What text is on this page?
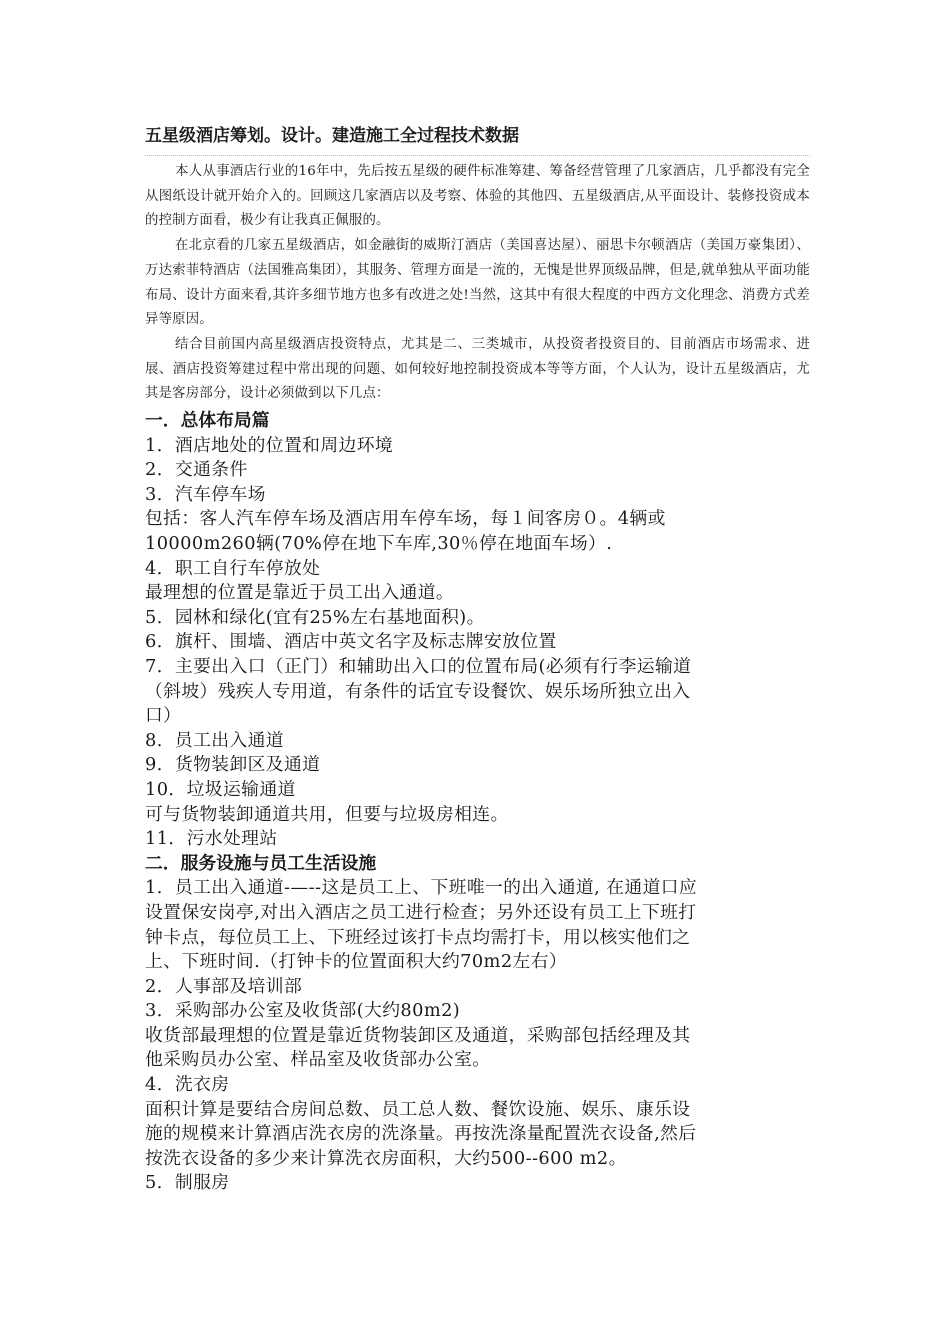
五星级酒店筹划。设计。建造施工全过程技术数据

本人从事酒店行业的16年中，先后按五星级的硬件标准筹建、筹备经营管理了几家酒店，几乎都没有完全从图纸设计就开始介入的。回顾这几家酒店以及考察、体验的其他四、五星级酒店,从平面设计、装修投资成本的控制方面看，极少有让我真正佩服的。

在北京看的几家五星级酒店，如金融街的威斯汀酒店（美国喜达屋）、丽思卡尔顿酒店（美国万豪集团）、万达索菲特酒店（法国雅高集团），其服务、管理方面是一流的，无愧是世界顶级品牌，但是,就单独从平面功能布局、设计方面来看,其许多细节地方也多有改进之处!当然，这其中有很大程度的中西方文化理念、消费方式差异等原因。

结合目前国内高星级酒店投资特点，尤其是二、三类城市，从投资者投资目的、目前酒店市场需求、进展、酒店投资筹建过程中常出现的问题、如何较好地控制投资成本等等方面，个人认为，设计五星级酒店，尤其是客房部分，设计必须做到以下几点：

一．总体布局篇
1．酒店地处的位置和周边环境
2．交通条件
3．汽车停车场
包括：客人汽车停车场及酒店用车停车场，每１间客房０。4辆或
10000m260辆(70%停在地下车库,30％停在地面车场）.
4．职工自行车停放处
最理想的位置是靠近于员工出入通道。
5．园林和绿化(宜有25%左右基地面积)。
6．旗杆、围墙、酒店中英文名字及标志牌安放位置
7．主要出入口（正门）和辅助出入口的位置布局(必须有行李运输道
（斜坡）残疾人专用道，有条件的话宜专设餐饮、娱乐场所独立出入
口）
8．员工出入通道
9．货物装卸区及通道
10．垃圾运输通道
可与货物装卸通道共用，但要与垃圾房相连。
11．污水处理站
二．服务设施与员工生活设施
1．员工出入通道-—--这是员工上、下班唯一的出入通道, 在通道口应
设置保安岗亭,对出入酒店之员工进行检查；另外还设有员工上下班打
钟卡点，每位员工上、下班经过该打卡点均需打卡，用以核实他们之
上、下班时间.（打钟卡的位置面积大约70m2左右）
2．人事部及培训部
3．采购部办公室及收货部(大约80m2)
收货部最理想的位置是靠近货物装卸区及通道，采购部包括经理及其
他采购员办公室、样品室及收货部办公室。
4．洗衣房
面积计算是要结合房间总数、员工总人数、餐饮设施、娱乐、康乐设
施的规模来计算酒店洗衣房的洗涤量。再按洗涤量配置洗衣设备,然后
按洗衣设备的多少来计算洗衣房面积，大约500--600 m2。
5．制服房
